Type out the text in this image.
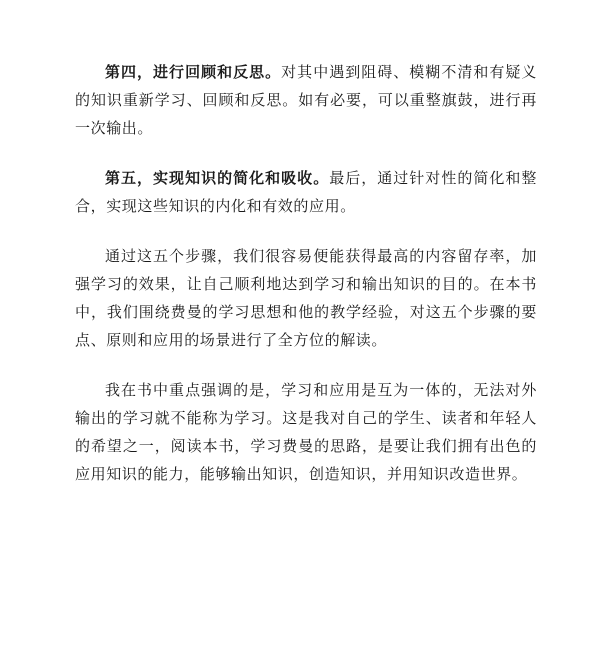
第四，进行回顾和反思。对其中遇到阻碍、模糊不清和有疑义的知识重新学习、回顾和反思。如有必要，可以重整旗鼓，进行再一次输出。

第五，实现知识的简化和吸收。最后，通过针对性的简化和整合，实现这些知识的内化和有效的应用。

通过这五个步骤，我们很容易便能获得最高的内容留存率，加强学习的效果，让自己顺利地达到学习和输出知识的目的。在本书中，我们围绕费曼的学习思想和他的教学经验，对这五个步骤的要点、原则和应用的场景进行了全方位的解读。

我在书中重点强调的是，学习和应用是互为一体的，无法对外输出的学习就不能称为学习。这是我对自己的学生、读者和年轻人的希望之一，阅读本书，学习费曼的思路，是要让我们拥有出色的应用知识的能力，能够输出知识，创造知识，并用知识改造世界。
